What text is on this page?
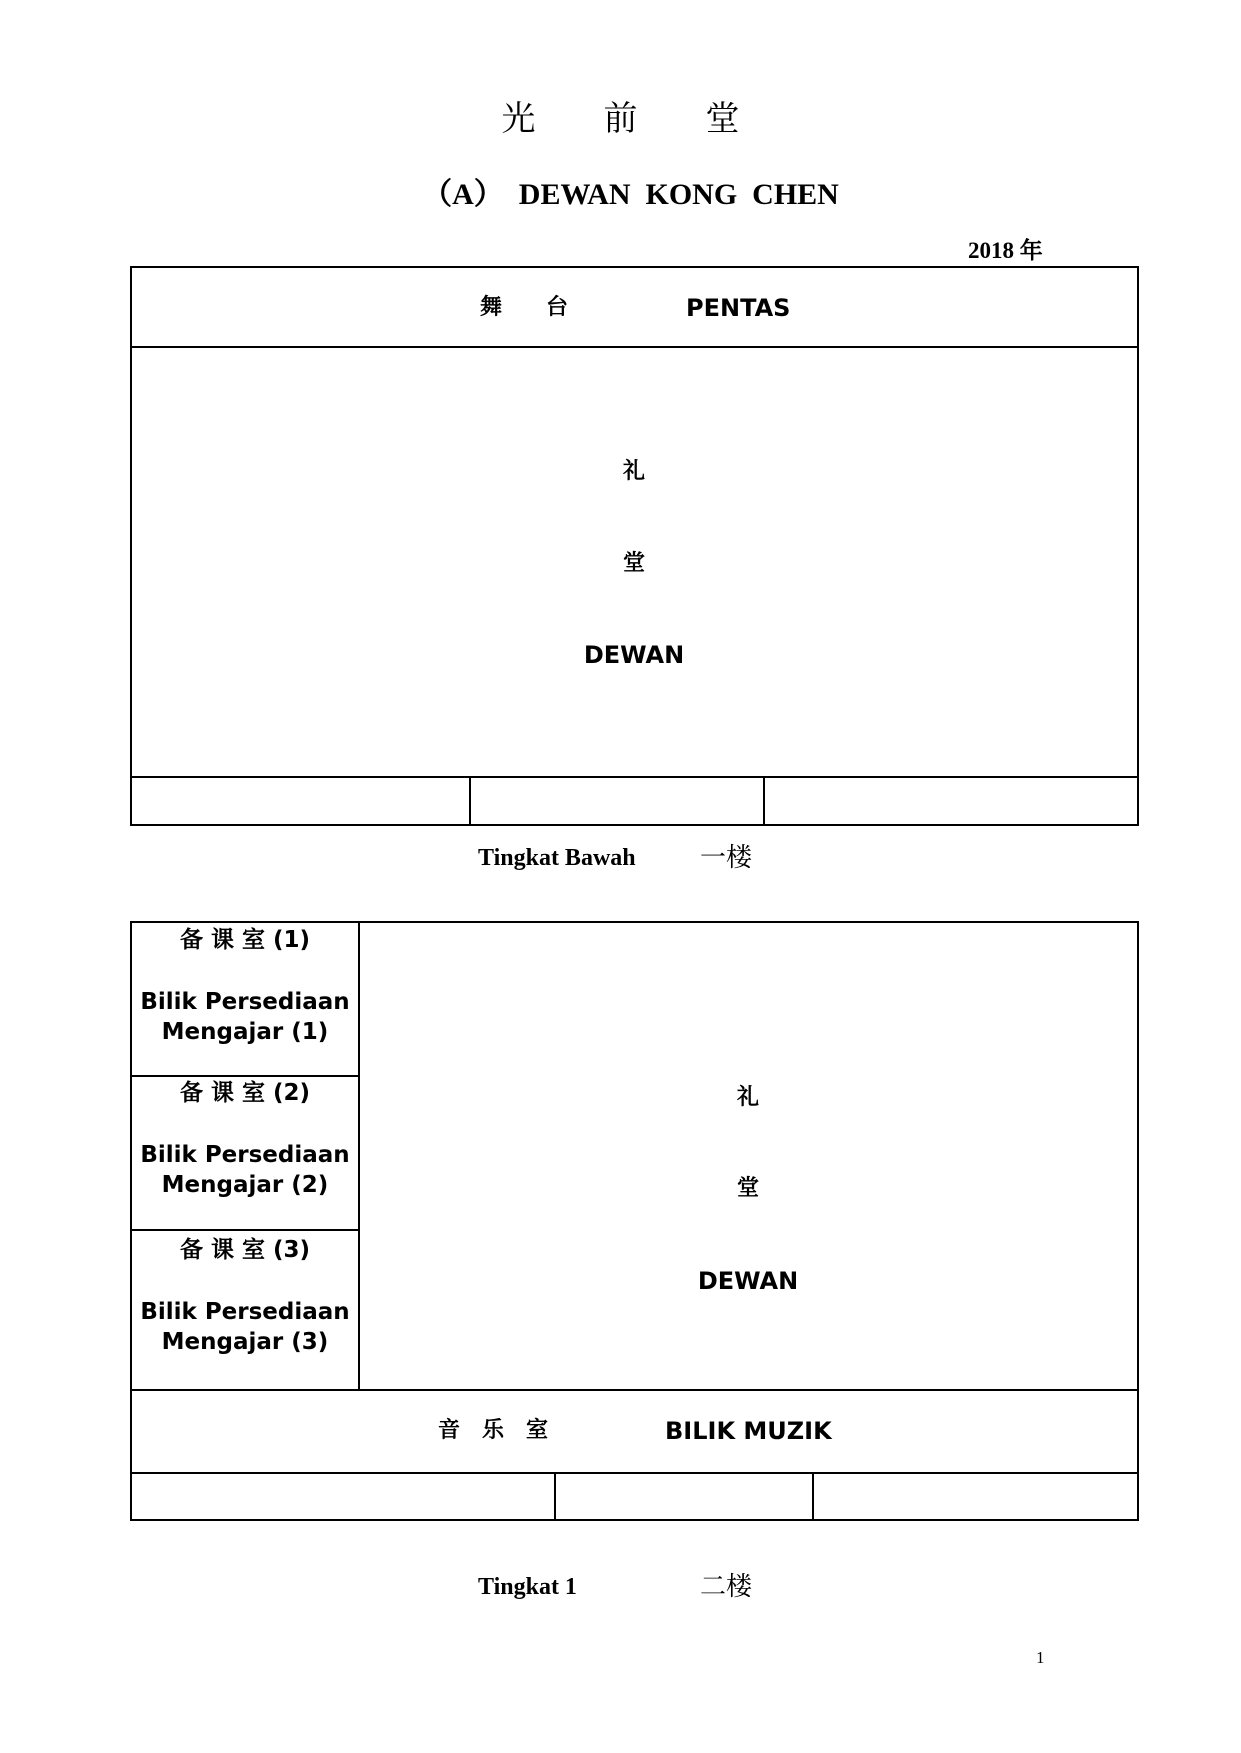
光　　前　　堂
（A）　DEWAN  KONG  CHEN
2018 年
舞　　台	PENTAS
礼
堂
DEWAN
Tingkat Bawah 一楼
备 课 室 (1)
Bilik Persediaan
Mengajar (1)
备 课 室 (2)
Bilik Persediaan
Mengajar (2)
备 课 室 (3)
Bilik Persediaan
Mengajar (3)
礼
堂
DEWAN
音　乐　室	BILIK MUZIK
Tingkat 1	二楼
1
